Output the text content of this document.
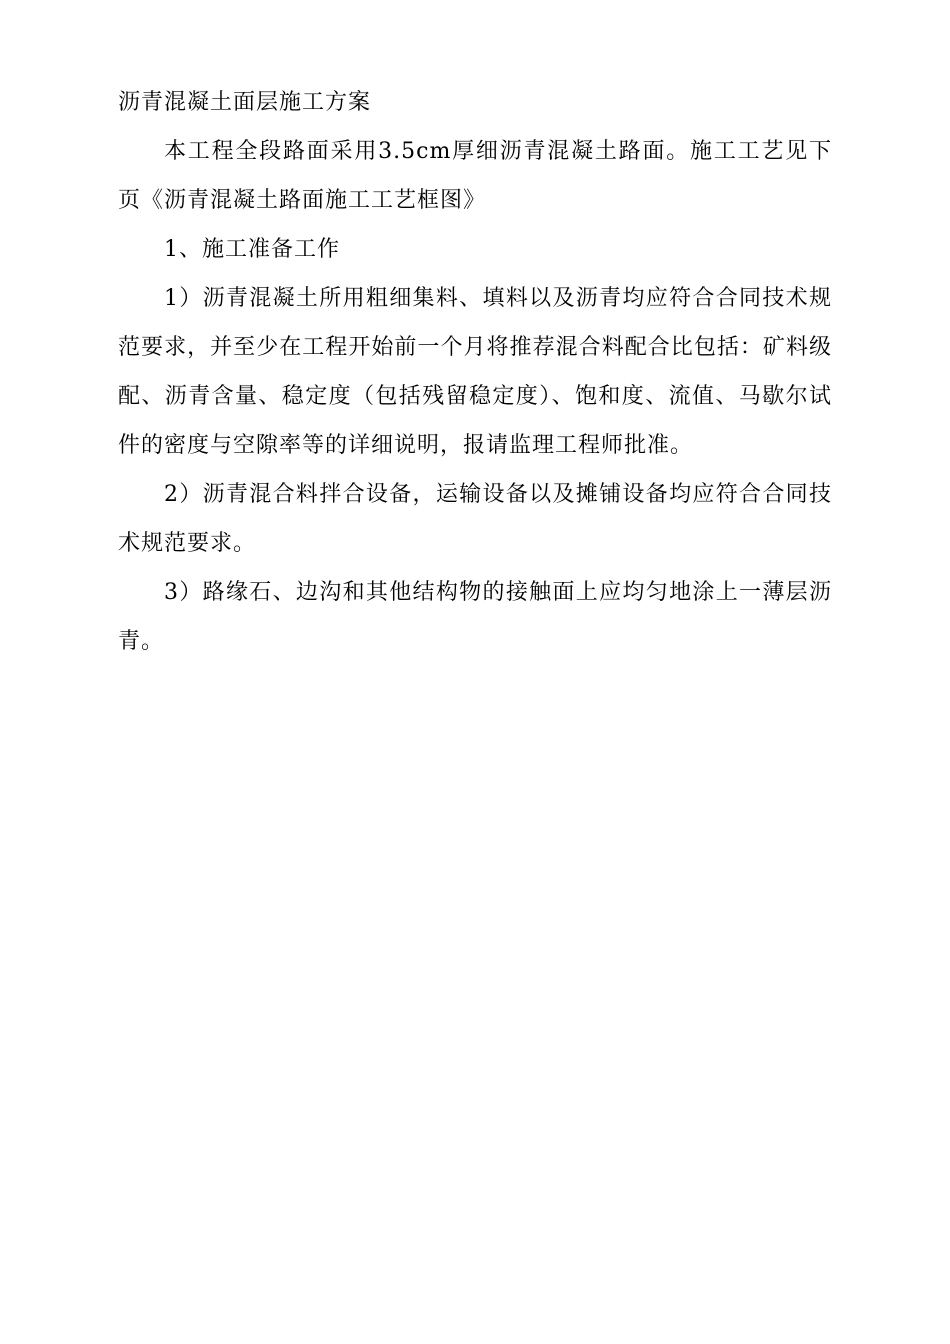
沥青混凝土面层施工方案

本工程全段路面采用3.5cm厚细沥青混凝土路面。施工工艺见下页《沥青混凝土路面施工工艺框图》

1、施工准备工作

1）沥青混凝土所用粗细集料、填料以及沥青均应符合合同技术规范要求，并至少在工程开始前一个月将推荐混合料配合比包括：矿料级配、沥青含量、稳定度（包括残留稳定度）、饱和度、流值、马歇尔试件的密度与空隙率等的详细说明，报请监理工程师批准。

2）沥青混合料拌合设备，运输设备以及摊铺设备均应符合合同技术规范要求。

3）路缘石、边沟和其他结构物的接触面上应均匀地涂上一薄层沥青。
